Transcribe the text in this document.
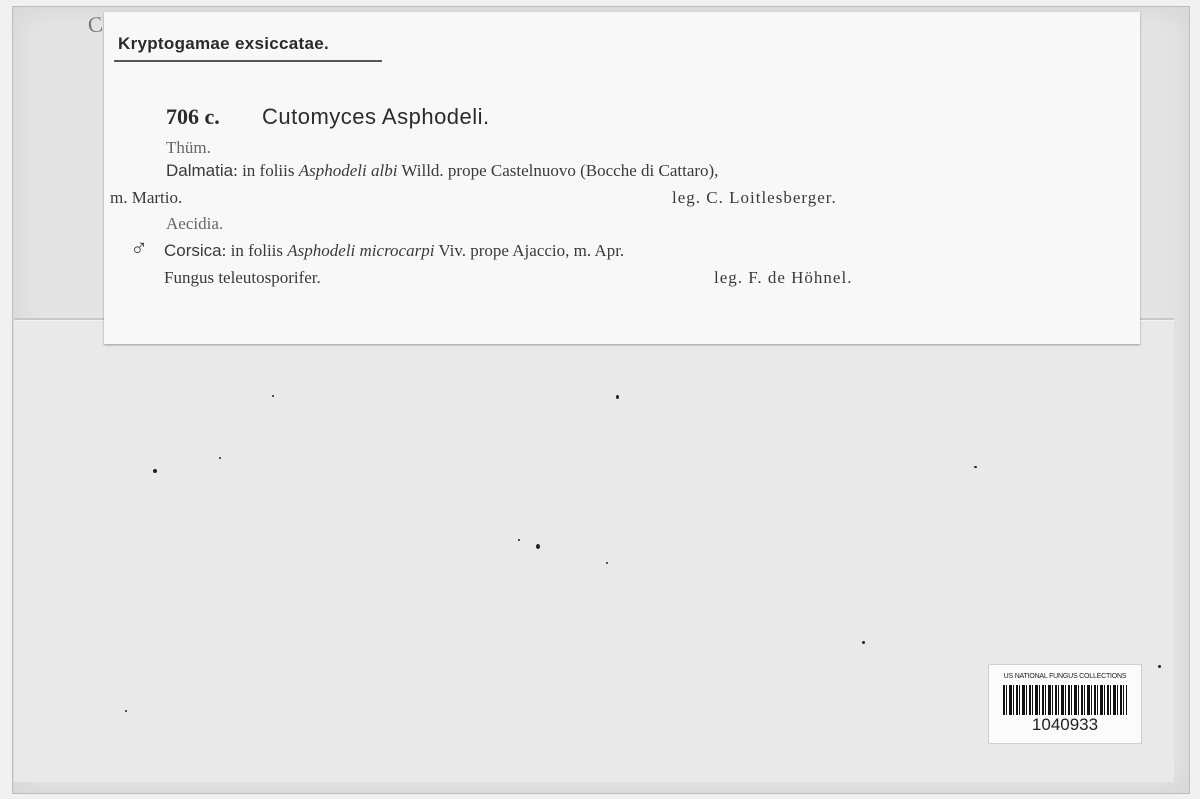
C
Kryptogamae exsiccatae.
706 c. Cutomyces Asphodeli.
Thüm.
Dalmatia: in foliis Asphodeli albi Willd. prope Castelnuovo (Bocche di Cattaro),
m. Martio.	leg. C. Loitlesberger.
Aecidia.
♂ Corsica: in foliis Asphodeli microcarpi Viv. prope Ajaccio, m. Apr.
Fungus teleutosporifer.	leg. F. de Höhnel.
US NATIONAL FUNGUS COLLECTIONS
1040933
